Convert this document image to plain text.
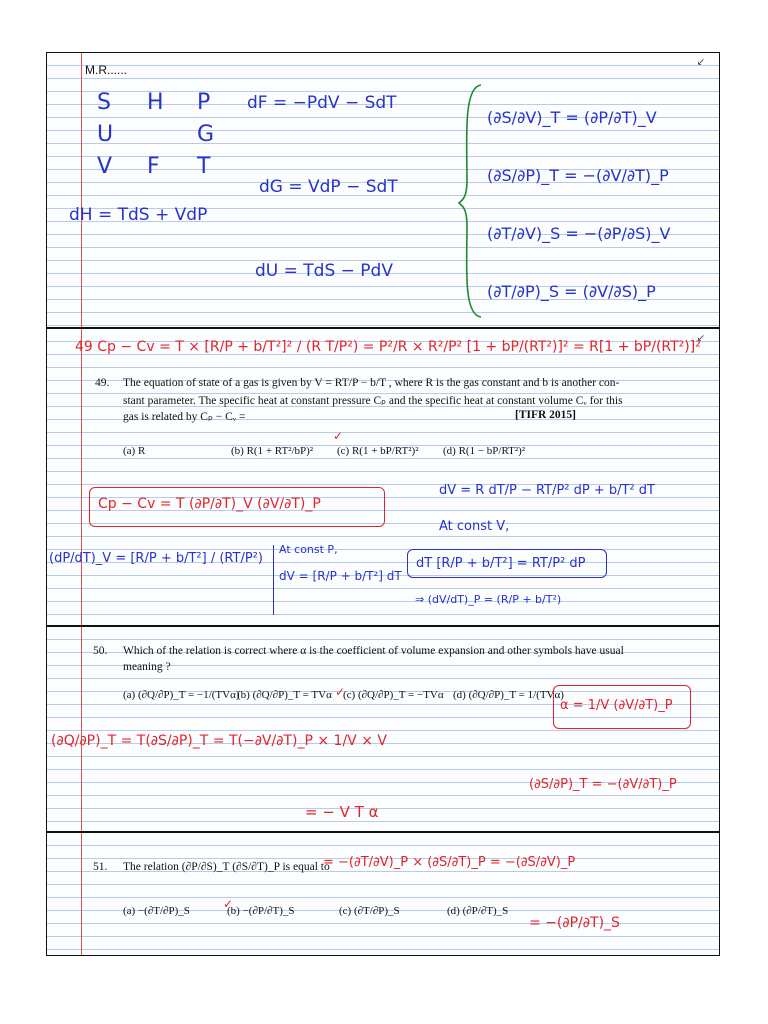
↙
M.R......
S H P
U	G
V F T
dF = −PdV − SdT
dG = VdP − SdT
dH = TdS + VdP
dU = TdS − PdV
(∂S/∂V)_T = (∂P/∂T)_V
(∂S/∂P)_T = −(∂V/∂T)_P
(∂T/∂V)_S = −(∂P/∂S)_V
(∂T/∂P)_S = (∂V/∂S)_P
↙
49 Cp − Cv = T × [R/P + b/T²]² / (R T/P²) = P²/R × R²/P² [1 + bP/(RT²)]² = R[1 + bP/(RT²)]²
49. The equation of state of a gas is given by V = RT/P − b/T , where R is the gas constant and b is another con-
stant parameter. The specific heat at constant pressure Cₚ and the specific heat at constant volume Cᵥ for this
gas is related by Cₚ − Cᵥ =	[TIFR 2015]
(a) R	(b) R(1 + RT²/bP)² (c) R(1 + bP/RT²)²
✓
(d) R(1 − bP/RT²)²
Cp − Cv = T (∂P/∂T)_V (∂V/∂T)_P
dV = R dT/P − RT/P² dP + b/T² dT
At const V,
(dP/dT)_V = [R/P + b/T²] / (RT/P²)
At const P,
dV = [R/P + b/T²] dT
dT [R/P + b/T²] = RT/P² dP
⇒ (dV/dT)_P = (R/P + b/T²)
50. Which of the relation is correct where α is the coefficient of volume expansion and other symbols have usual
meaning ?
(a) (∂Q/∂P)_T = −1/(TVα)
(b) (∂Q/∂P)_T = TVα (c) (∂Q/∂P)_T = −TVα
✓	(d) (∂Q/∂P)_T = 1/(TVα)
α = 1/V (∂V/∂T)_P
(∂Q/∂P)_T = T(∂S/∂P)_T = T(−∂V/∂T)_P × 1/V × V
= − V T α
(∂S/∂P)_T = −(∂V/∂T)_P
51. The relation (∂P/∂S)_T (∂S/∂T)_P is equal to
(a) −(∂T/∂P)_S	(b) −(∂P/∂T)_S
✓	(c) (∂T/∂P)_S	(d) (∂P/∂T)_S
= −(∂T/∂V)_P × (∂S/∂T)_P = −(∂S/∂V)_P
= −(∂P/∂T)_S
